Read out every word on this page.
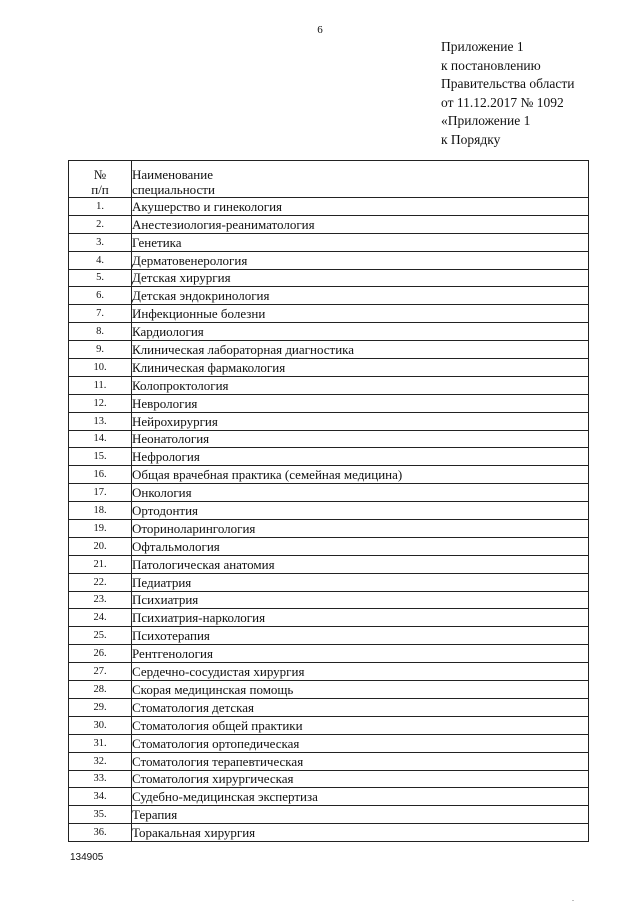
6
Приложение 1
к постановлению
Правительства области
от 11.12.2017 № 1092
«Приложение 1
к Порядку
№
п/п	Наименование
специальности

1.	Акушерство и гинекология
2.	Анестезиология-реаниматология
3.	Генетика
4.	Дерматовенерология
5.	Детская хирургия
6.	Детская эндокринология
7.	Инфекционные болезни
8.	Кардиология
9.	Клиническая лабораторная диагностика
10.	Клиническая фармакология
11.	Колопроктология
12.	Неврология
13.	Нейрохирургия
14.	Неонатология
15.	Нефрология
16.	Общая врачебная практика (семейная медицина)
17.	Онкология
18.	Ортодонтия
19.	Оториноларингология
20.	Офтальмология
21.	Патологическая анатомия
22.	Педиатрия
23.	Психиатрия
24.	Психиатрия-наркология
25.	Психотерапия
26.	Рентгенология
27.	Сердечно-сосудистая хирургия
28.	Скорая медицинская помощь
29.	Стоматология детская
30.	Стоматология общей практики
31.	Стоматология ортопедическая
32.	Стоматология терапевтическая
33.	Стоматология хирургическая
34.	Судебно-медицинская экспертиза
35.	Терапия
36.	Торакальная хирургия
134905
.
